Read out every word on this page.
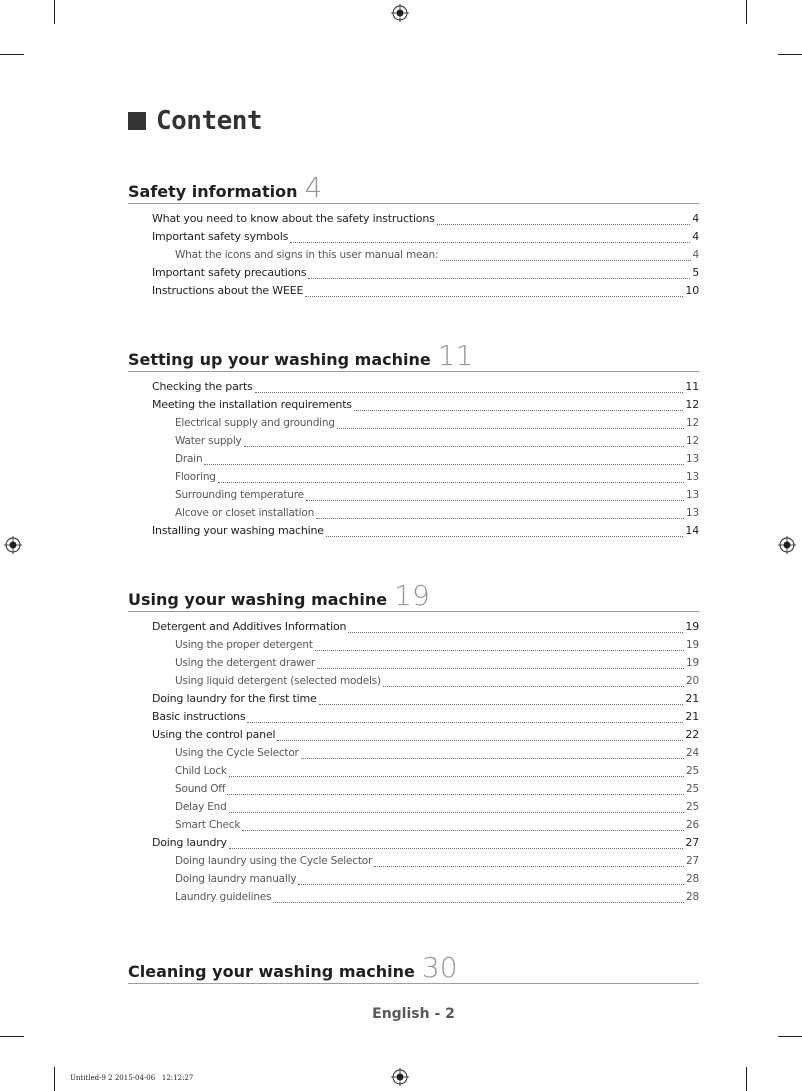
Content
Safety information 4
What you need to know about the safety instructions	4
Important safety symbols	4
What the icons and signs in this user manual mean:	4
Important safety precautions	5
Instructions about the WEEE	10
Setting up your washing machine 11
Checking the parts	11
Meeting the installation requirements	12
Electrical supply and grounding	12
Water supply	12
Drain	13
Flooring	13
Surrounding temperature	13
Alcove or closet installation	13
Installing your washing machine	14
Using your washing machine 19
Detergent and Additives Information	19
Using the proper detergent	19
Using the detergent drawer	19
Using liquid detergent (selected models)	20
Doing laundry for the first time	21
Basic instructions	21
Using the control panel	22
Using the Cycle Selector	24
Child Lock	25
Sound Off	25
Delay End	25
Smart Check	26
Doing laundry	27
Doing laundry using the Cycle Selector	27
Doing laundry manually	28
Laundry guidelines	28
Cleaning your washing machine 30
English - 2
Untitled-9 2 2015-04-06   12:12:27
